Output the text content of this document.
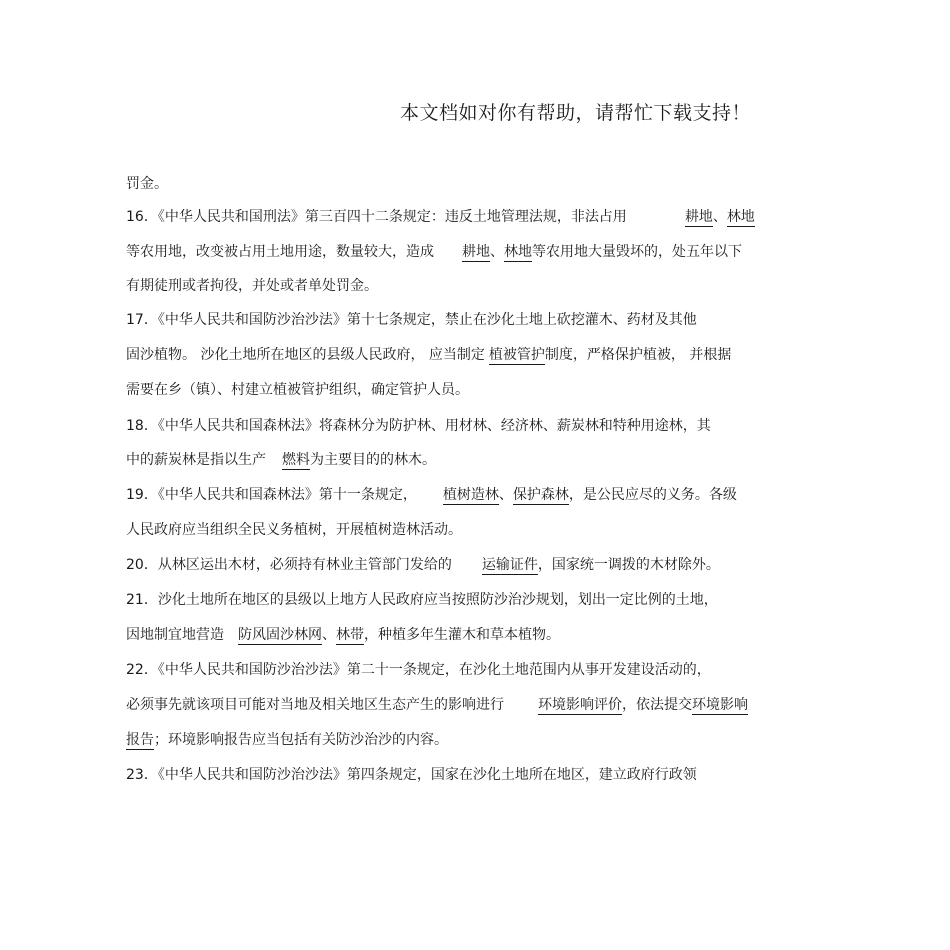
本文档如对你有帮助，请帮忙下载支持！
罚金。
16．《中华人民共和国刑法》第三百四十二条规定：违反土地管理法规，非法占用	耕地、林地
等农用地，改变被占用土地用途，数量较大，造成 耕地、林地等农用地大量毁坏的，处五年以下
有期徒刑或者拘役，并处或者单处罚金。
17．《中华人民共和国防沙治沙法》第十七条规定，禁止在沙化土地上砍挖灌木、药材及其他
固沙植物。 沙化土地所在地区的县级人民政府， 应当制定 植被管护制度，严格保护植被， 并根据
需要在乡（镇）、村建立植被管护组织，确定管护人员。
18．《中华人民共和国森林法》将森林分为防护林、用材林、经济林、薪炭林和特种用途林，其
中的薪炭林是指以生产 燃料为主要目的的林木。
19．《中华人民共和国森林法》第十一条规定， 植树造林、保护森林，是公民应尽的义务。各级
人民政府应当组织全民义务植树，开展植树造林活动。
20．从林区运出木材，必须持有林业主管部门发给的 运输证件，国家统一调拨的木材除外。
21．沙化土地所在地区的县级以上地方人民政府应当按照防沙治沙规划，划出一定比例的土地，
因地制宜地营造 防风固沙林网、林带，种植多年生灌木和草本植物。
22．《中华人民共和国防沙治沙法》第二十一条规定，在沙化土地范围内从事开发建设活动的，
必须事先就该项目可能对当地及相关地区生态产生的影响进行 环境影响评价，依法提交环境影响
报告；环境影响报告应当包括有关防沙治沙的内容。
23．《中华人民共和国防沙治沙法》第四条规定，国家在沙化土地所在地区，建立政府行政领
